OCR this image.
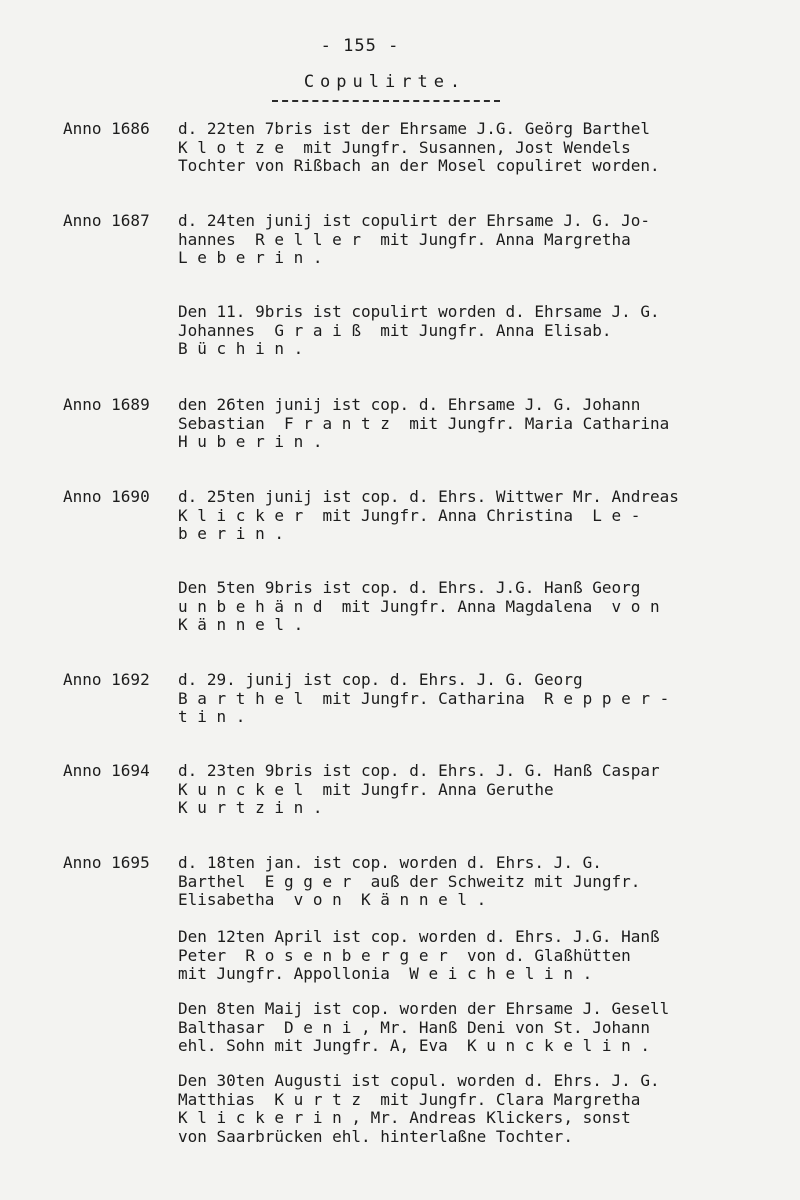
- 155 -
Copulirte.
Anno 1686 d. 22ten 7bris ist der Ehrsame J.G. Geörg Barthel
K l o t z e  mit Jungfr. Susannen, Jost Wendels
Tochter von Rißbach an der Mosel copuliret worden.
Anno 1687 d. 24ten junij ist copulirt der Ehrsame J. G. Jo-
hannes  R e l l e r  mit Jungfr. Anna Margretha
L e b e r i n .
Den 11. 9bris ist copulirt worden d. Ehrsame J. G.
Johannes  G r a i ß  mit Jungfr. Anna Elisab.
B ü c h i n .
Anno 1689 den 26ten junij ist cop. d. Ehrsame J. G. Johann
Sebastian  F r a n t z  mit Jungfr. Maria Catharina
H u b e r i n .
Anno 1690 d. 25ten junij ist cop. d. Ehrs. Wittwer Mr. Andreas
K l i c k e r  mit Jungfr. Anna Christina  L e -
b e r i n .
Den 5ten 9bris ist cop. d. Ehrs. J.G. Hanß Georg
u n b e h ä n d  mit Jungfr. Anna Magdalena  v o n
K ä n n e l .
Anno 1692 d. 29. junij ist cop. d. Ehrs. J. G. Georg
B a r t h e l  mit Jungfr. Catharina  R e p p e r -
t i n .
Anno 1694 d. 23ten 9bris ist cop. d. Ehrs. J. G. Hanß Caspar
K u n c k e l  mit Jungfr. Anna Geruthe
K u r t z i n .
Anno 1695 d. 18ten jan. ist cop. worden d. Ehrs. J. G.
Barthel  E g g e r  auß der Schweitz mit Jungfr.
Elisabetha  v o n  K ä n n e l .
Den 12ten April ist cop. worden d. Ehrs. J.G. Hanß
Peter  R o s e n b e r g e r  von d. Glaßhütten
mit Jungfr. Appollonia  W e i c h e l i n .
Den 8ten Maij ist cop. worden der Ehrsame J. Gesell
Balthasar  D e n i , Mr. Hanß Deni von St. Johann
ehl. Sohn mit Jungfr. A, Eva  K u n c k e l i n .
Den 30ten Augusti ist copul. worden d. Ehrs. J. G.
Matthias  K u r t z  mit Jungfr. Clara Margretha
K l i c k e r i n , Mr. Andreas Klickers, sonst
von Saarbrücken ehl. hinterlaßne Tochter.
